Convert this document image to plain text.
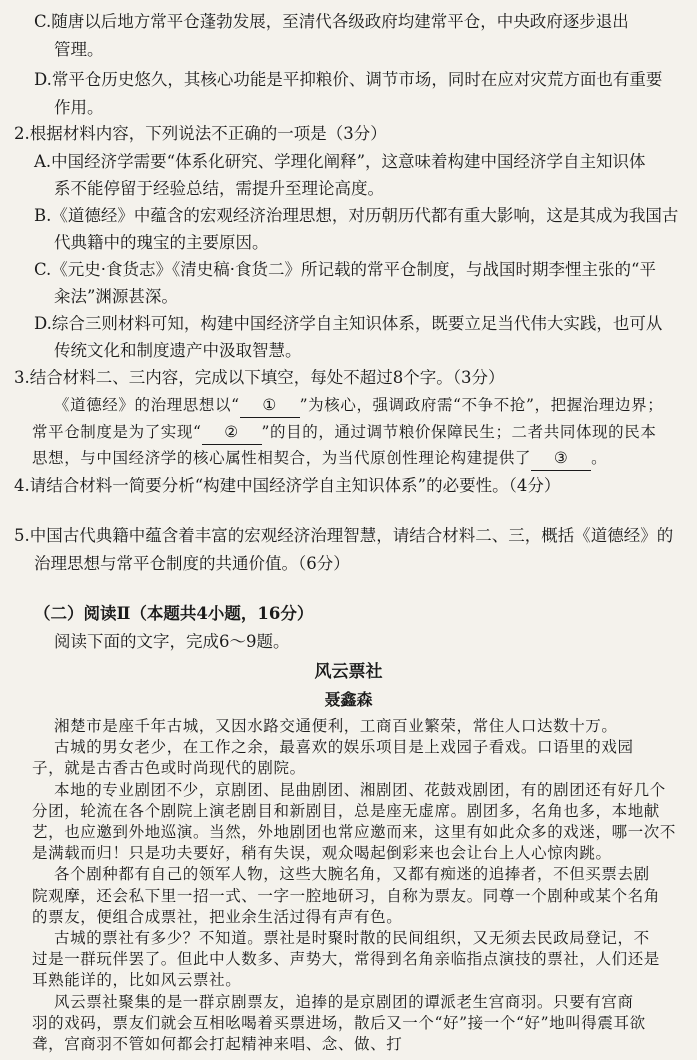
C.随唐以后地方常平仓蓬勃发展，至清代各级政府均建常平仓，中央政府逐步退出
管理。
D.常平仓历史悠久，其核心功能是平抑粮价、调节市场，同时在应对灾荒方面也有重要
作用。
2.根据材料内容，下列说法不正确的一项是（3分）
A.中国经济学需要“体系化研究、学理化阐释”，这意味着构建中国经济学自主知识体
系不能停留于经验总结，需提升至理论高度。
B.《道德经》中蕴含的宏观经济治理思想，对历朝历代都有重大影响，这是其成为我国古
代典籍中的瑰宝的主要原因。
C.《元史·食货志》《清史稿·食货二》所记载的常平仓制度，与战国时期李悝主张的“平
籴法”渊源甚深。
D.综合三则材料可知，构建中国经济学自主知识体系，既要立足当代伟大实践，也可从
传统文化和制度遗产中汲取智慧。
3.结合材料二、三内容，完成以下填空，每处不超过8个字。（3分）
《道德经》的治理思想以“ ① ”为核心，强调政府需“不争不抢”，把握治理边界；
常平仓制度是为了实现“ ② ”的目的，通过调节粮价保障民生；二者共同体现的民本
思想，与中国经济学的核心属性相契合，为当代原创性理论构建提供了 ③ 。
4.请结合材料一简要分析“构建中国经济学自主知识体系”的必要性。（4分）
5.中国古代典籍中蕴含着丰富的宏观经济治理智慧，请结合材料二、三，概括《道德经》的
治理思想与常平仓制度的共通价值。（6分）
（二）阅读Ⅱ（本题共4小题，16分）
阅读下面的文字，完成6～9题。
风云票社
聂鑫森
湘楚市是座千年古城，又因水路交通便利，工商百业繁荣，常住人口达数十万。
古城的男女老少，在工作之余，最喜欢的娱乐项目是上戏园子看戏。口语里的戏园
子，就是古香古色或时尚现代的剧院。
本地的专业剧团不少，京剧团、昆曲剧团、湘剧团、花鼓戏剧团，有的剧团还有好几个
分团，轮流在各个剧院上演老剧目和新剧目，总是座无虚席。剧团多，名角也多，本地献
艺，也应邀到外地巡演。当然，外地剧团也常应邀而来，这里有如此众多的戏迷，哪一次不
是满载而归！只是功夫要好，稍有失误，观众喝起倒彩来也会让台上人心惊肉跳。
各个剧种都有自己的领军人物，这些大腕名角，又都有痴迷的追捧者，不但买票去剧
院观摩，还会私下里一招一式、一字一腔地研习，自称为票友。同尊一个剧种或某个名角
的票友，便组合成票社，把业余生活过得有声有色。
古城的票社有多少？不知道。票社是时聚时散的民间组织，又无须去民政局登记，不
过是一群玩伴罢了。但此中人数多、声势大，常得到名角亲临指点演技的票社，人们还是
耳熟能详的，比如风云票社。
风云票社聚集的是一群京剧票友，追捧的是京剧团的谭派老生宫商羽。只要有宫商
羽的戏码，票友们就会互相吆喝着买票进场，散后又一个“好”接一个“好”地叫得震耳欲
聋，宫商羽不管如何都会打起精神来唱、念、做、打
